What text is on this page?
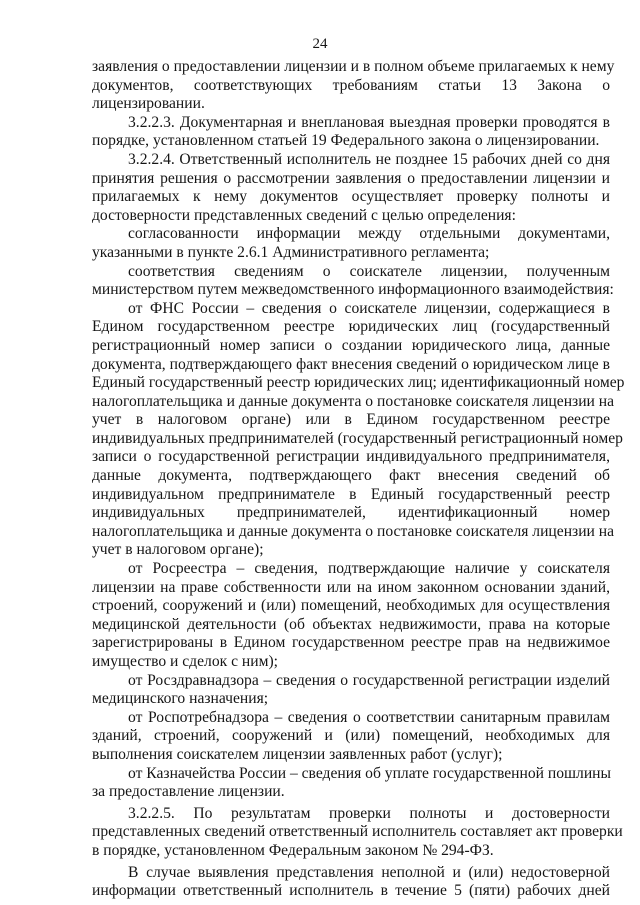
24
заявления о предоставлении лицензии и в полном объеме прилагаемых к нему
документов, соответствующих требованиям статьи 13 Закона о
лицензировании.
3.2.2.3. Документарная и внеплановая выездная проверки проводятся в
порядке, установленном статьей 19 Федерального закона о лицензировании.
3.2.2.4. Ответственный исполнитель не позднее 15 рабочих дней со дня
принятия решения о рассмотрении заявления о предоставлении лицензии и
прилагаемых к нему документов осуществляет проверку полноты и
достоверности представленных сведений с целью определения:
согласованности информации между отдельными документами,
указанными в пункте 2.6.1 Административного регламента;
соответствия сведениям о соискателе лицензии, полученным
министерством путем межведомственного информационного взаимодействия:
от ФНС России – сведения о соискателе лицензии, содержащиеся в
Едином государственном реестре юридических лиц (государственный
регистрационный номер записи о создании юридического лица, данные
документа, подтверждающего факт внесения сведений о юридическом лице в
Единый государственный реестр юридических лиц; идентификационный номер
налогоплательщика и данные документа о постановке соискателя лицензии на
учет в налоговом органе) или в Едином государственном реестре
индивидуальных предпринимателей (государственный регистрационный номер
записи о государственной регистрации индивидуального предпринимателя,
данные документа, подтверждающего факт внесения сведений об
индивидуальном предпринимателе в Единый государственный реестр
индивидуальных предпринимателей, идентификационный номер
налогоплательщика и данные документа о постановке соискателя лицензии на
учет в налоговом органе);
от Росреестра – сведения, подтверждающие наличие у соискателя
лицензии на праве собственности или на ином законном основании зданий,
строений, сооружений и (или) помещений, необходимых для осуществления
медицинской деятельности (об объектах недвижимости, права на которые
зарегистрированы в Едином государственном реестре прав на недвижимое
имущество и сделок с ним);
от Росздравнадзора – сведения о государственной регистрации изделий
медицинского назначения;
от Роспотребнадзора – сведения о соответствии санитарным правилам
зданий, строений, сооружений и (или) помещений, необходимых для
выполнения соискателем лицензии заявленных работ (услуг);
от Казначейства России – сведения об уплате государственной пошлины
за предоставление лицензии.
3.2.2.5. По результатам проверки полноты и достоверности
представленных сведений ответственный исполнитель составляет акт проверки
в порядке, установленном Федеральным законом № 294-ФЗ.
В случае выявления представления неполной и (или) недостоверной
информации ответственный исполнитель в течение 5 (пяти) рабочих дней
